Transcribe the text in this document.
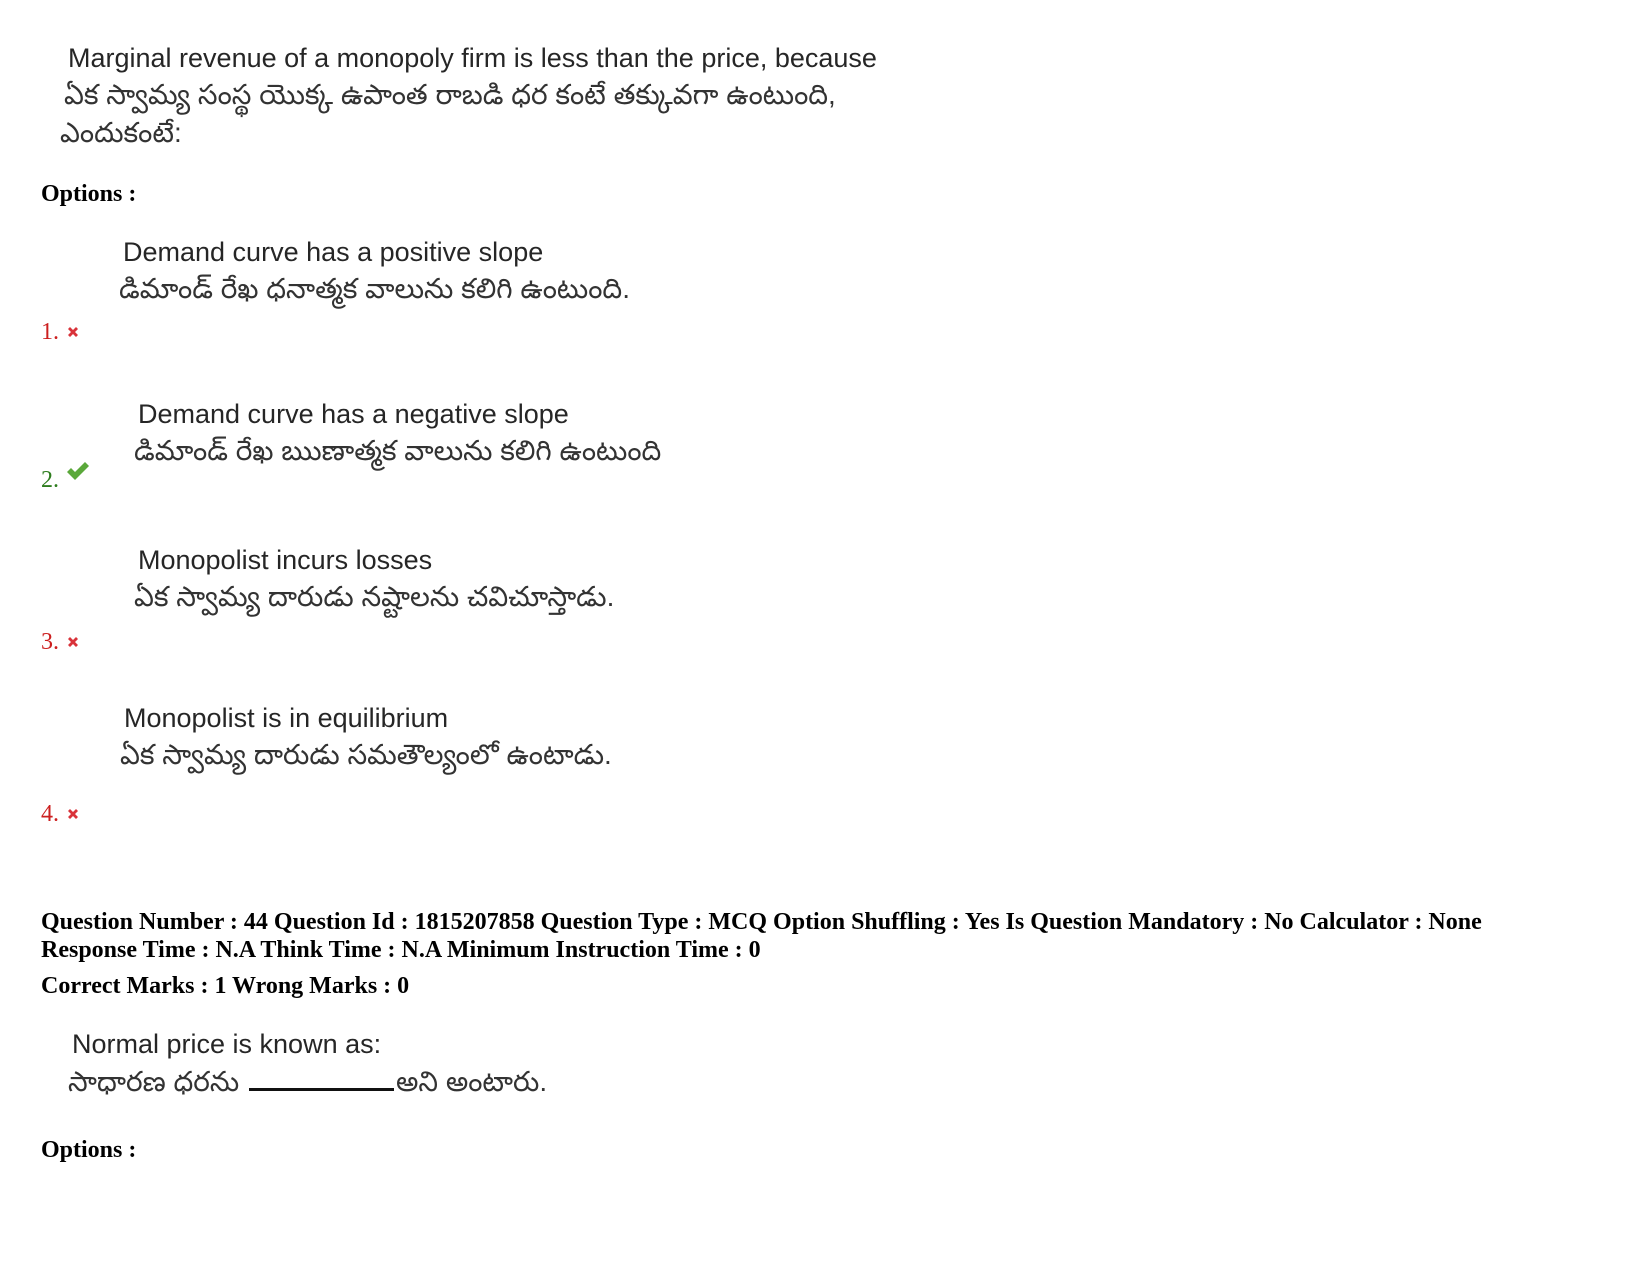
Marginal revenue of a monopoly firm is less than the price, because
ఏక స్వామ్య సంస్థ యొక్క ఉపాంత రాబడి ధర కంటే తక్కువగా ఉంటుంది,
ఎందుకంటే:
Options :
Demand curve has a positive slope
డిమాండ్ రేఖ ధనాత్మక వాలును కలిగి ఉంటుంది.
1.
Demand curve has a negative slope
డిమాండ్ రేఖ ఋణాత్మక వాలును కలిగి ఉంటుంది
2.
Monopolist incurs losses
ఏక స్వామ్య దారుడు నష్టాలను చవిచూస్తాడు.
3.
Monopolist is in equilibrium
ఏక స్వామ్య దారుడు సమతౌల్యంలో ఉంటాడు.
4.
Question Number : 44 Question Id : 1815207858 Question Type : MCQ Option Shuffling : Yes Is Question Mandatory : No Calculator : None
Response Time : N.A Think Time : N.A Minimum Instruction Time : 0
Correct Marks : 1 Wrong Marks : 0
Normal price is known as:
సాధారణ ధరను	అని అంటారు.
Options :
